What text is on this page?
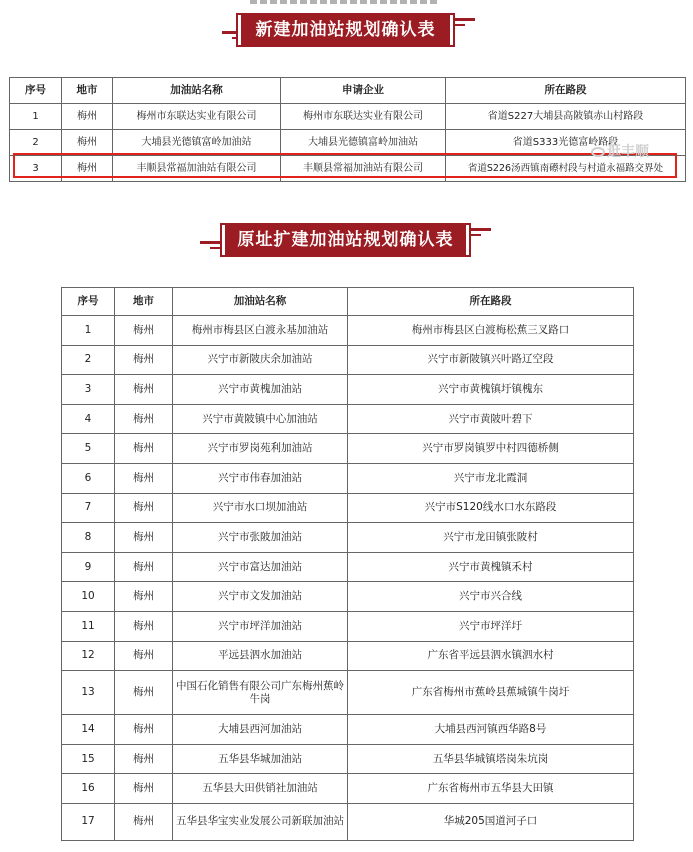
新建加油站规划确认表
序号	地市	加油站名称	申请企业	所在路段
1	梅州	梅州市东联达实业有限公司	梅州市东联达实业有限公司	省道S227大埔县高陂镇赤山村路段
2	梅州	大埔县光德镇富岭加油站	大埔县光德镇富岭加油站	省道S333光德富岭路段
3	梅州	丰顺县常福加油站有限公司	丰顺县常福加油站有限公司	省道S226汤西镇南礤村段与村道永福路交界处
逛丰顺
原址扩建加油站规划确认表
序号	地市	加油站名称	所在路段
1	梅州	梅州市梅县区白渡永基加油站	梅州市梅县区白渡梅松蕉三叉路口
2	梅州	兴宁市新陂庆余加油站	兴宁市新陂镇兴叶路辽空段
3	梅州	兴宁市黄槐加油站	兴宁市黄槐镇圩镇槐东
4	梅州	兴宁市黄陂镇中心加油站	兴宁市黄陂叶碧下
5	梅州	兴宁市罗岗苑利加油站	兴宁市罗岗镇罗中村四德桥侧
6	梅州	兴宁市伟春加油站	兴宁市龙北霞洞
7	梅州	兴宁市水口坝加油站	兴宁市S120线水口水东路段
8	梅州	兴宁市张陂加油站	兴宁市龙田镇张陂村
9	梅州	兴宁市富达加油站	兴宁市黄槐镇禾村
10	梅州	兴宁市文发加油站	兴宁市兴合线
11	梅州	兴宁市坪洋加油站	兴宁市坪洋圩
12	梅州	平远县泗水加油站	广东省平远县泗水镇泗水村
13	梅州	中国石化销售有限公司广东梅州蕉岭牛岗	广东省梅州市蕉岭县蕉城镇牛岗圩
14	梅州	大埔县西河加油站	大埔县西河镇西华路8号
15	梅州	五华县华城加油站	五华县华城镇塔岗朱坑岗
16	梅州	五华县大田供销社加油站	广东省梅州市五华县大田镇
17	梅州	五华县华宝实业发展公司新联加油站	华城205国道河子口
